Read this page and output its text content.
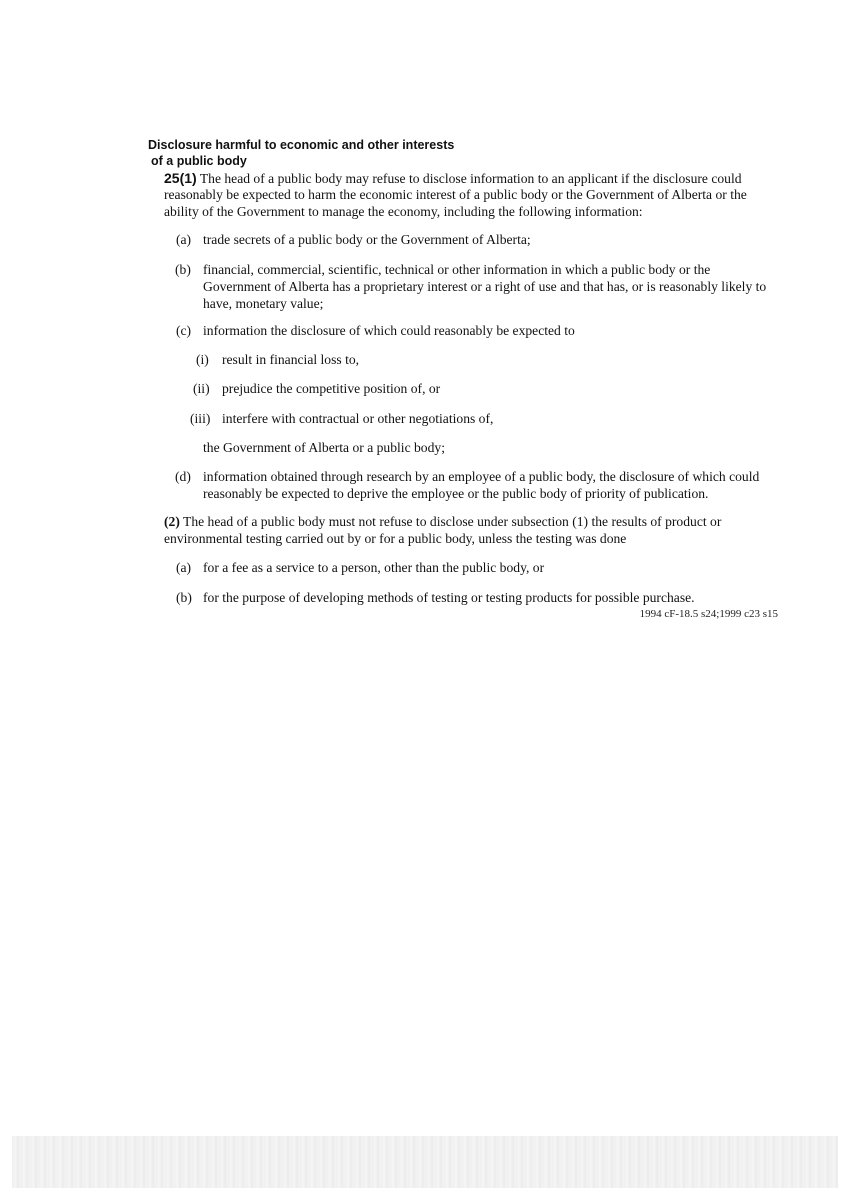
Disclosure harmful to economic and other interests
of a public body
25(1) The head of a public body may refuse to disclose information to an applicant if the disclosure could
reasonably be expected to harm the economic interest of a public body or the Government of Alberta or the
ability of the Government to manage the economy, including the following information:
(a) trade secrets of a public body or the Government of Alberta;
(b) financial, commercial, scientific, technical or other information in which a public body or the
Government of Alberta has a proprietary interest or a right of use and that has, or is reasonably likely to
have, monetary value;
(c) information the disclosure of which could reasonably be expected to
(i) result in financial loss to,
(ii) prejudice the competitive position of, or
(iii) interfere with contractual or other negotiations of,
the Government of Alberta or a public body;
(d) information obtained through research by an employee of a public body, the disclosure of which could
reasonably be expected to deprive the employee or the public body of priority of publication.
(2) The head of a public body must not refuse to disclose under subsection (1) the results of product or
environmental testing carried out by or for a public body, unless the testing was done
(a) for a fee as a service to a person, other than the public body, or
(b) for the purpose of developing methods of testing or testing products for possible purchase.
1994 cF-18.5 s24;1999 c23 s15
